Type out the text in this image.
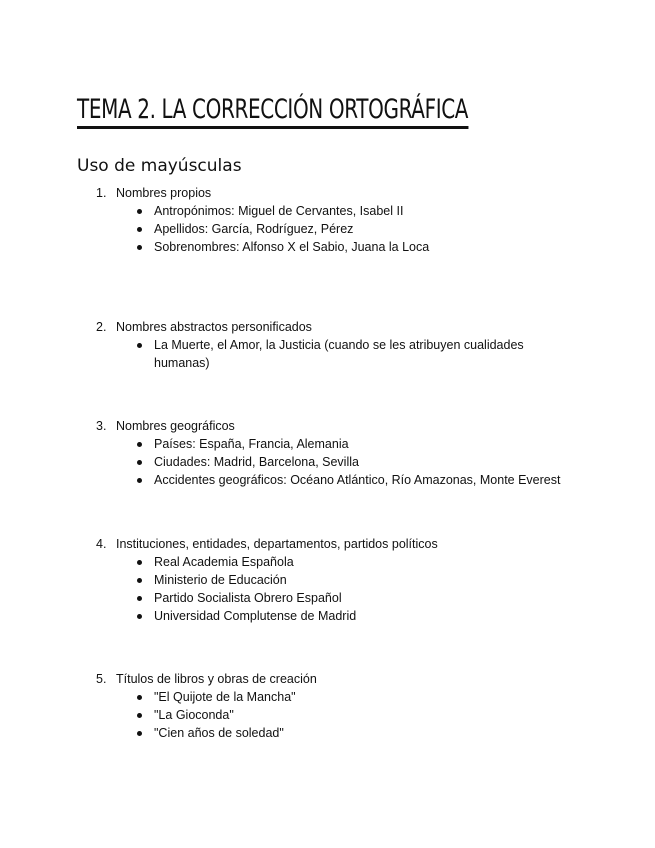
TEMA 2. LA CORRECCIÓN ORTOGRÁFICA
Uso de mayúsculas
1. Nombres propios
Antropónimos: Miguel de Cervantes, Isabel II
Apellidos: García, Rodríguez, Pérez
Sobrenombres: Alfonso X el Sabio, Juana la Loca
2. Nombres abstractos personificados
La Muerte, el Amor, la Justicia (cuando se les atribuyen cualidades humanas)
3. Nombres geográficos
Países: España, Francia, Alemania
Ciudades: Madrid, Barcelona, Sevilla
Accidentes geográficos: Océano Atlántico, Río Amazonas, Monte Everest
4. Instituciones, entidades, departamentos, partidos políticos
Real Academia Española
Ministerio de Educación
Partido Socialista Obrero Español
Universidad Complutense de Madrid
5. Títulos de libros y obras de creación
"El Quijote de la Mancha"
"La Gioconda"
"Cien años de soledad"
